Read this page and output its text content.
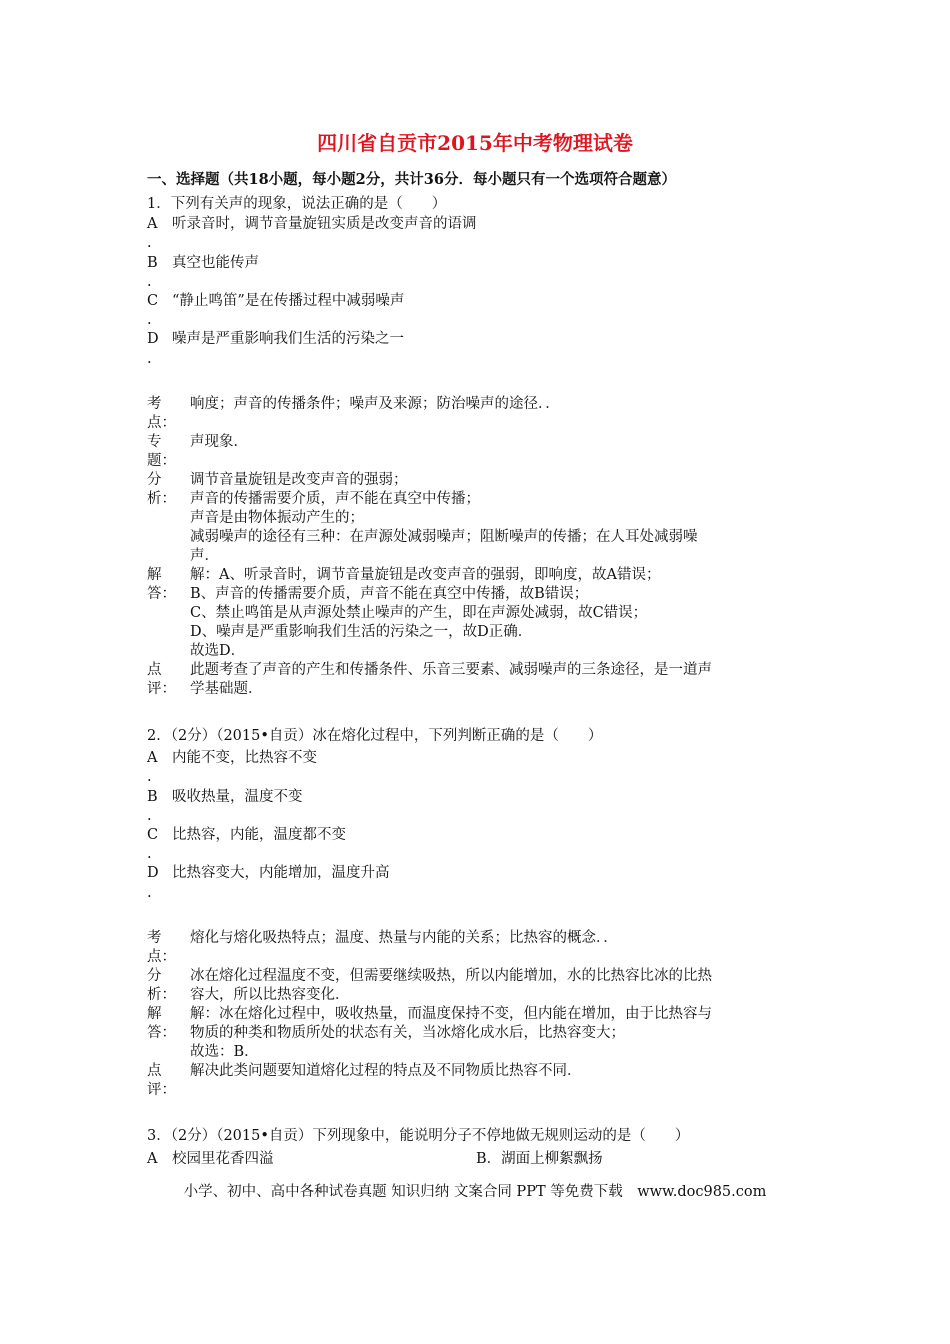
四川省自贡市2015年中考物理试卷
一、选择题（共18小题，每小题2分，共计36分．每小题只有一个选项符合题意）
1．下列有关声的现象，说法正确的是（　　）
A 听录音时，调节音量旋钮实质是改变声音的语调
.
B 真空也能传声
.
C “静止鸣笛”是在传播过程中减弱噪声
.
D 噪声是严重影响我们生活的污染之一
.
考 响度；声音的传播条件；噪声及来源；防治噪声的途径．．
点：
专 声现象．
题：
分
析：
调节音量旋钮是改变声音的强弱；
声音的传播需要介质，声不能在真空中传播；
声音是由物体振动产生的；
减弱噪声的途径有三种：在声源处减弱噪声；阻断噪声的传播；在人耳处减弱噪
声．
解
答：
解：A、听录音时，调节音量旋钮是改变声音的强弱，即响度，故A错误；
B、声音的传播需要介质，声音不能在真空中传播，故B错误；
C、禁止鸣笛是从声源处禁止噪声的产生，即在声源处减弱，故C错误；
D、噪声是严重影响我们生活的污染之一，故D正确．
故选D．
点
评：
此题考查了声音的产生和传播条件、乐音三要素、减弱噪声的三条途径，是一道声
学基础题．
2．（2分）（2015•自贡）冰在熔化过程中，下列判断正确的是（　　）
A 内能不变，比热容不变
.
B 吸收热量，温度不变
.
C 比热容，内能，温度都不变
.
D 比热容变大，内能增加，温度升高
.
考 熔化与熔化吸热特点；温度、热量与内能的关系；比热容的概念．．
点：
分
析：
冰在熔化过程温度不变，但需要继续吸热，所以内能增加，水的比热容比冰的比热
容大，所以比热容变化．
解
答：
解：冰在熔化过程中，吸收热量，而温度保持不变，但内能在增加，由于比热容与
物质的种类和物质所处的状态有关，当冰熔化成水后，比热容变大；
故选：B．
点 解决此类问题要知道熔化过程的特点及不同物质比热容不同．
评：
3．（2分）（2015•自贡）下列现象中，能说明分子不停地做无规则运动的是（　　）
A 校园里花香四溢	B．湖面上柳絮飘扬
小学、初中、高中各种试卷真题 知识归纳 文案合同 PPT 等免费下载　www.doc985.com
